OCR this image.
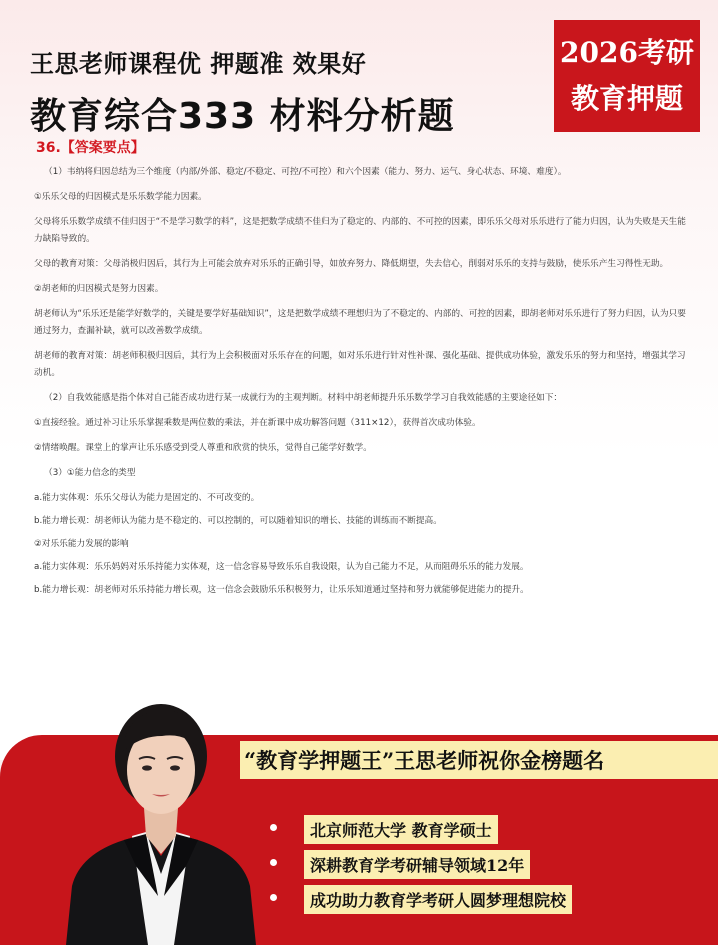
王思老师课程优 押题准 效果好
教育综合333 材料分析题
2026考研
教育押题
36.【答案要点】

（1）韦纳将归因总结为三个维度（内部/外部、稳定/不稳定、可控/不可控）和六个因素（能力、努力、运气、身心状态、环境、难度）。

①乐乐父母的归因模式是乐乐数学能力因素。

父母将乐乐数学成绩不佳归因于“不是学习数学的料”，这是把数学成绩不佳归为了稳定的、内部的、不可控的因素，即乐乐父母对乐乐进行了能力归因，认为失败是天生能力缺陷导致的。

父母的教育对策：父母消极归因后，其行为上可能会放弃对乐乐的正确引导，如放弃努力、降低期望，失去信心，削弱对乐乐的支持与鼓励，使乐乐产生习得性无助。

②胡老师的归因模式是努力因素。

胡老师认为“乐乐还是能学好数学的，关键是要学好基础知识”，这是把数学成绩不理想归为了不稳定的、内部的、可控的因素，即胡老师对乐乐进行了努力归因，认为只要通过努力，查漏补缺，就可以改善数学成绩。

胡老师的教育对策：胡老师积极归因后，其行为上会积极面对乐乐存在的问题，如对乐乐进行针对性补课、强化基础、提供成功体验，激发乐乐的努力和坚持，增强其学习动机。

（2）自我效能感是指个体对自己能否成功进行某一成就行为的主观判断。材料中胡老师提升乐乐数学学习自我效能感的主要途径如下：

①直接经验。通过补习让乐乐掌握乘数是两位数的乘法，并在新课中成功解答问题（311×12），获得首次成功体验。

②情绪唤醒。课堂上的掌声让乐乐感受到受人尊重和欣赏的快乐，觉得自己能学好数学。

（3）①能力信念的类型

a.能力实体观：乐乐父母认为能力是固定的、不可改变的。

b.能力增长观：胡老师认为能力是不稳定的、可以控制的，可以随着知识的增长、技能的训练而不断提高。

②对乐乐能力发展的影响

a.能力实体观：乐乐妈妈对乐乐持能力实体观，这一信念容易导致乐乐自我设限，认为自己能力不足，从而阻碍乐乐的能力发展。

b.能力增长观：胡老师对乐乐持能力增长观，这一信念会鼓励乐乐积极努力，让乐乐知道通过坚持和努力就能够促进能力的提升。

“教育学押题王”王思老师祝你金榜题名
北京师范大学 教育学硕士
深耕教育学考研辅导领域12年
成功助力教育学考研人圆梦理想院校
